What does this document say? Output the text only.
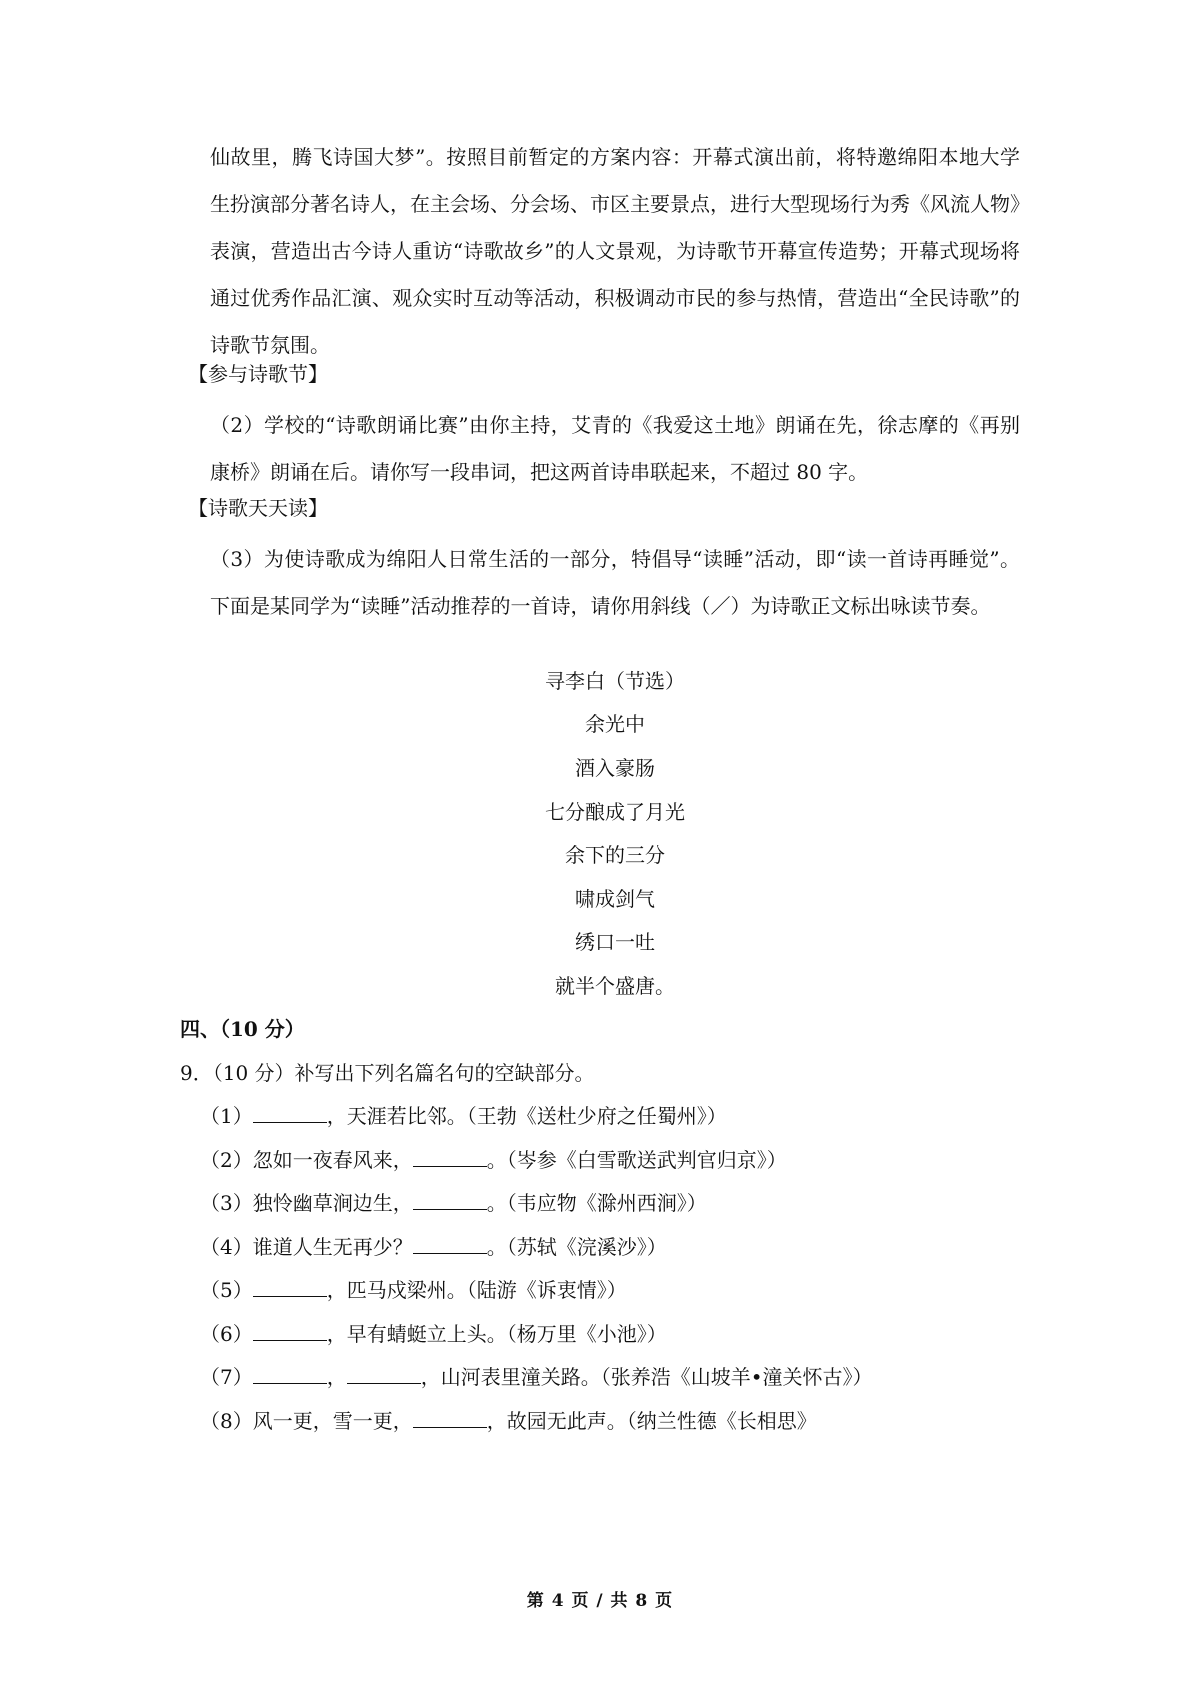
仙故里，腾飞诗国大梦”。按照目前暂定的方案内容：开幕式演出前，将特邀绵阳本地大学生扮演部分著名诗人，在主会场、分会场、市区主要景点，进行大型现场行为秀《风流人物》表演，营造出古今诗人重访“诗歌故乡”的人文景观，为诗歌节开幕宣传造势；开幕式现场将通过优秀作品汇演、观众实时互动等活动，积极调动市民的参与热情，营造出“全民诗歌”的诗歌节氛围。

【参与诗歌节】

（2）学校的“诗歌朗诵比赛”由你主持，艾青的《我爱这土地》朗诵在先，徐志摩的《再别康桥》朗诵在后。请你写一段串词，把这两首诗串联起来，不超过 80 字。

【诗歌天天读】

（3）为使诗歌成为绵阳人日常生活的一部分，特倡导“读睡”活动，即“读一首诗再睡觉”。下面是某同学为“读睡”活动推荐的一首诗，请你用斜线（／）为诗歌正文标出咏读节奏。

寻李白（节选）
余光中
酒入豪肠
七分酿成了月光
余下的三分
啸成剑气
绣口一吐
就半个盛唐。
四、（10 分）
9．（10 分）补写出下列名篇名句的空缺部分。
（1）	，天涯若比邻。（王勃《送杜少府之任蜀州》）
（2）忽如一夜春风来，	。（岑参《白雪歌送武判官归京》）
（3）独怜幽草涧边生，	。（韦应物《滁州西涧》）
（4）谁道人生无再少？	。（苏轼《浣溪沙》）
（5）	，匹马戍梁州。（陆游《诉衷情》）
（6）	，早有蜻蜓立上头。（杨万里《小池》）
（7）	，	，山河表里潼关路。（张养浩《山坡羊•潼关怀古》）
（8）风一更，雪一更，	，故园无此声。（纳兰性德《长相思》
第 4 页 / 共 8 页
